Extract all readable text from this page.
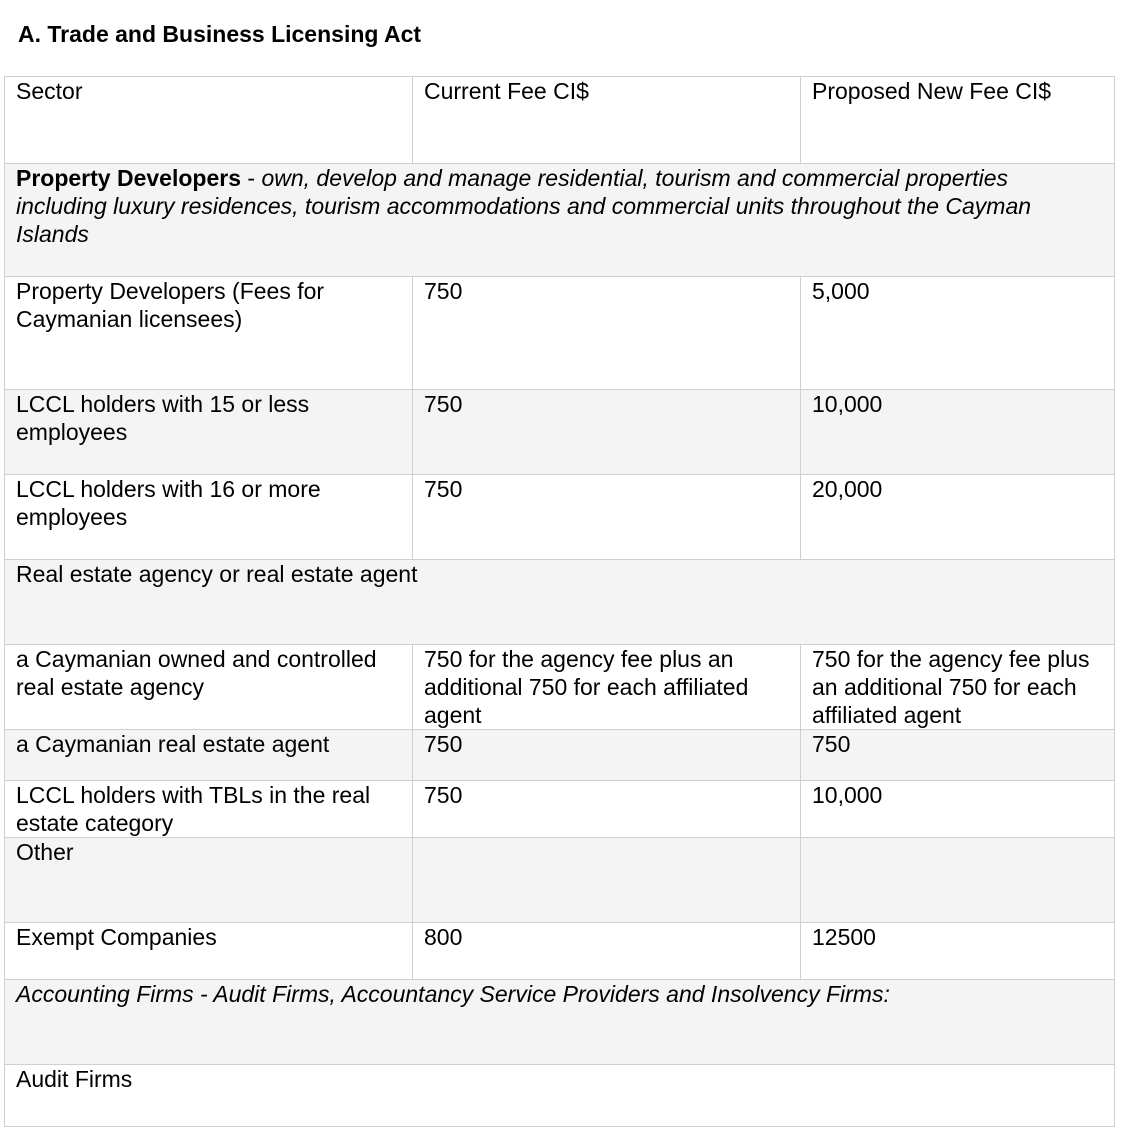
A. Trade and Business Licensing Act
Sector	Current Fee CI$	Proposed New Fee CI$
Property Developers - own, develop and manage residential, tourism and commercial properties including luxury residences, tourism accommodations and commercial units throughout the Cayman Islands		
Property Developers (Fees for Caymanian licensees)	750	5,000
LCCL holders with 15 or less employees	750	10,000
LCCL holders with 16 or more employees	750	20,000
Real estate agency or real estate agent		
a Caymanian owned and controlled real estate agency	750 for the agency fee plus an additional 750 for each affiliated agent	750 for the agency fee plus an additional 750 for each affiliated agent
a Caymanian real estate agent	750	750
LCCL holders with TBLs in the real estate category	750	10,000
Other		
Exempt Companies	800	12500
Accounting Firms - Audit Firms, Accountancy Service Providers and Insolvency Firms:		
Audit Firms		
